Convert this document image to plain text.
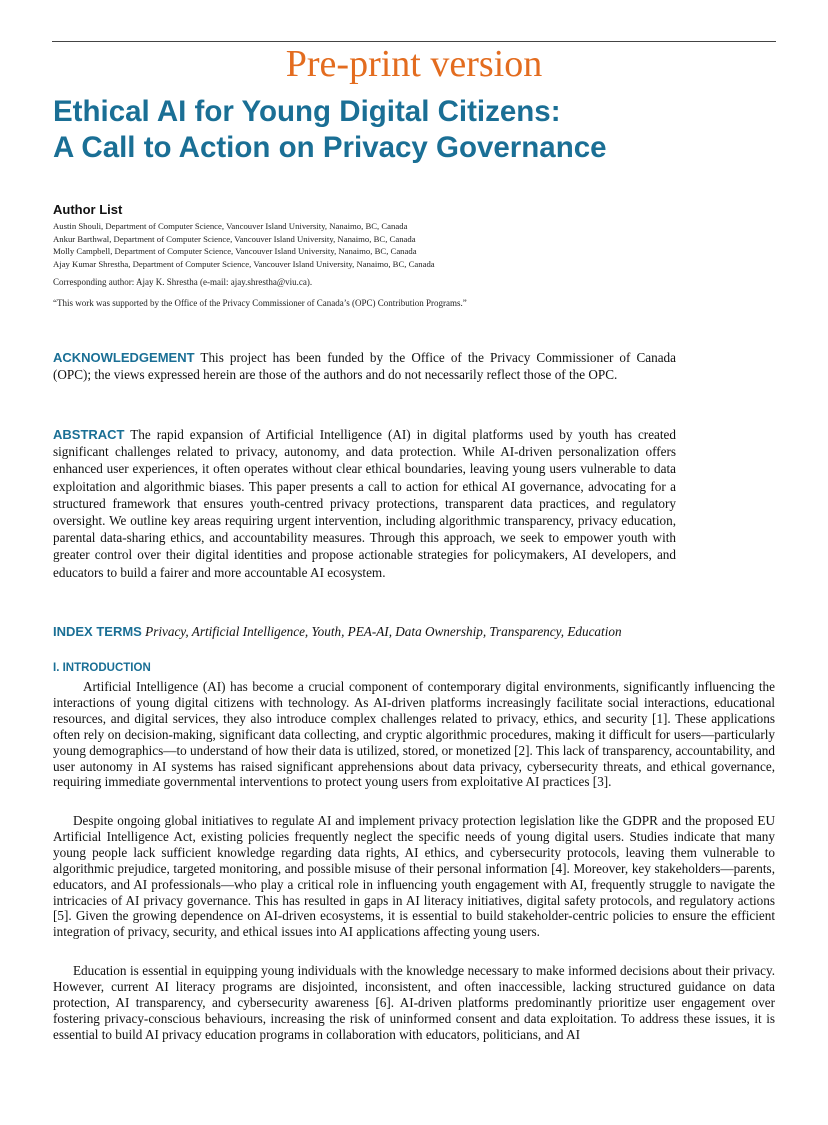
Pre-print version
Ethical AI for Young Digital Citizens:
A Call to Action on Privacy Governance
Author List
Austin Shouli, Department of Computer Science, Vancouver Island University, Nanaimo, BC, Canada
Ankur Barthwal, Department of Computer Science, Vancouver Island University, Nanaimo, BC, Canada
Molly Campbell, Department of Computer Science, Vancouver Island University, Nanaimo, BC, Canada
Ajay Kumar Shrestha, Department of Computer Science, Vancouver Island University, Nanaimo, BC, Canada
Corresponding author: Ajay K. Shrestha (e-mail: ajay.shrestha@viu.ca).
“This work was supported by the Office of the Privacy Commissioner of Canada’s (OPC) Contribution Programs.”
ACKNOWLEDGEMENT This project has been funded by the Office of the Privacy Commissioner of Canada (OPC); the views expressed herein are those of the authors and do not necessarily reflect those of the OPC.
ABSTRACT The rapid expansion of Artificial Intelligence (AI) in digital platforms used by youth has created significant challenges related to privacy, autonomy, and data protection. While AI-driven personalization offers enhanced user experiences, it often operates without clear ethical boundaries, leaving young users vulnerable to data exploitation and algorithmic biases. This paper presents a call to action for ethical AI governance, advocating for a structured framework that ensures youth-centred privacy protections, transparent data practices, and regulatory oversight. We outline key areas requiring urgent intervention, including algorithmic transparency, privacy education, parental data-sharing ethics, and accountability measures. Through this approach, we seek to empower youth with greater control over their digital identities and propose actionable strategies for policymakers, AI developers, and educators to build a fairer and more accountable AI ecosystem.
INDEX TERMS Privacy, Artificial Intelligence, Youth, PEA-AI, Data Ownership, Transparency, Education
I. INTRODUCTION

Artificial Intelligence (AI) has become a crucial component of contemporary digital environments, significantly influencing the interactions of young digital citizens with technology. As AI-driven platforms increasingly facilitate social interactions, educational resources, and digital services, they also introduce complex challenges related to privacy, ethics, and security [1]. These applications often rely on decision-making, significant data collecting, and cryptic algorithmic procedures, making it difficult for users—particularly young demographics—to understand of how their data is utilized, stored, or monetized [2]. This lack of transparency, accountability, and user autonomy in AI systems has raised significant apprehensions about data privacy, cybersecurity threats, and ethical governance, requiring immediate governmental interventions to protect young users from exploitative AI practices [3].

Despite ongoing global initiatives to regulate AI and implement privacy protection legislation like the GDPR and the proposed EU Artificial Intelligence Act, existing policies frequently neglect the specific needs of young digital users. Studies indicate that many young people lack sufficient knowledge regarding data rights, AI ethics, and cybersecurity protocols, leaving them vulnerable to algorithmic prejudice, targeted monitoring, and possible misuse of their personal information [4]. Moreover, key stakeholders—parents, educators, and AI professionals—who play a critical role in influencing youth engagement with AI, frequently struggle to navigate the intricacies of AI privacy governance. This has resulted in gaps in AI literacy initiatives, digital safety protocols, and regulatory actions [5]. Given the growing dependence on AI-driven ecosystems, it is essential to build stakeholder-centric policies to ensure the efficient integration of privacy, security, and ethical issues into AI applications affecting young users.

Education is essential in equipping young individuals with the knowledge necessary to make informed decisions about their privacy. However, current AI literacy programs are disjointed, inconsistent, and often inaccessible, lacking structured guidance on data protection, AI transparency, and cybersecurity awareness [6]. AI-driven platforms predominantly prioritize user engagement over fostering privacy-conscious behaviours, increasing the risk of uninformed consent and data exploitation. To address these issues, it is essential to build AI privacy education programs in collaboration with educators, politicians, and AI
